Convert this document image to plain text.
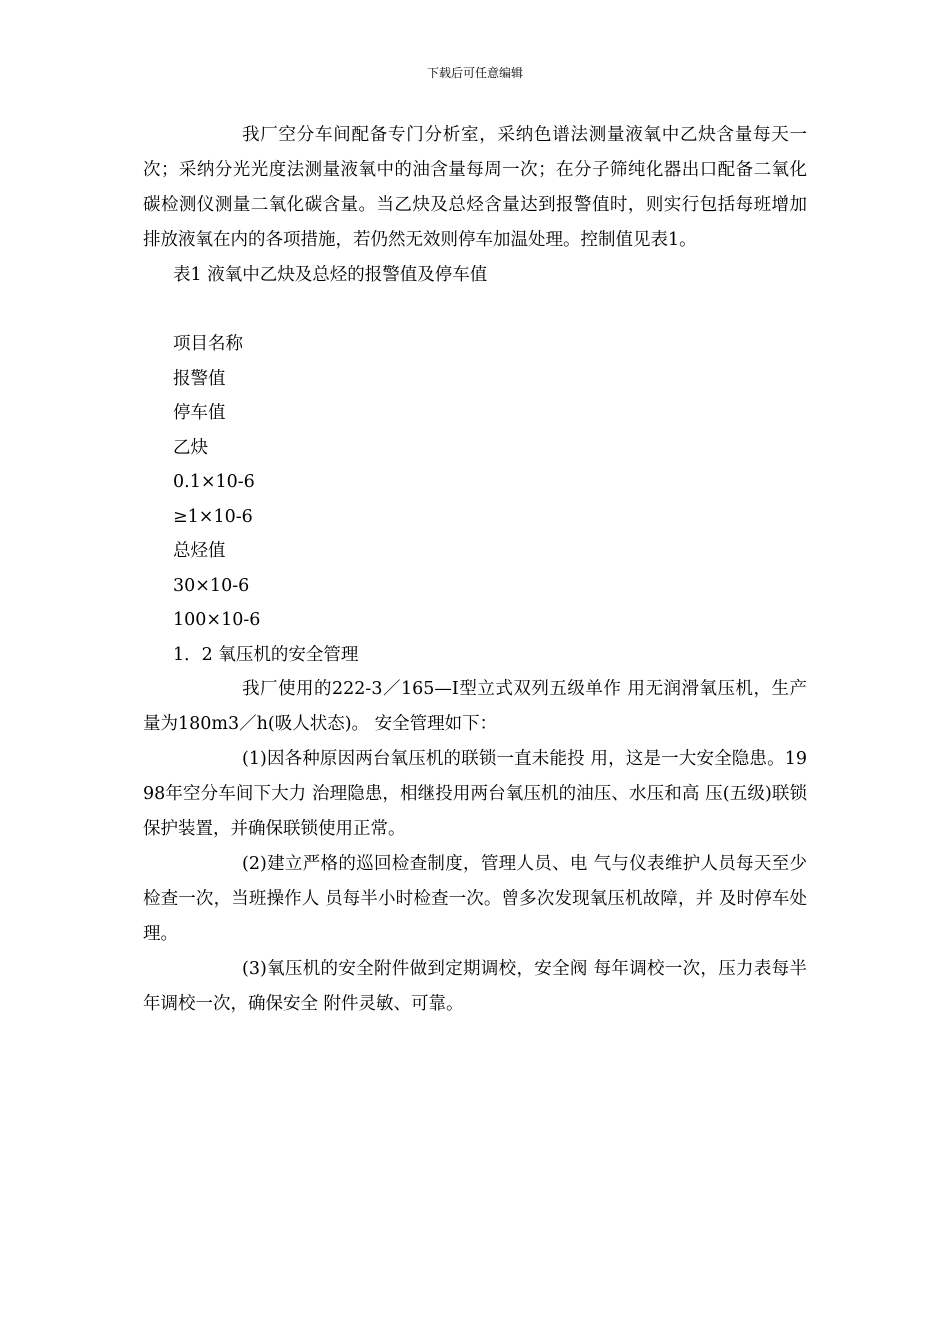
下载后可任意编辑

我厂空分车间配备专门分析室，采纳色谱法测量液氧中乙炔含量每天一次；采纳分光光度法测量液氧中的油含量每周一次；在分子筛纯化器出口配备二氧化碳检测仪测量二氧化碳含量。当乙炔及总烃含量达到报警值时，则实行包括每班增加排放液氧在内的各项措施，若仍然无效则停车加温处理。控制值见表1。

表1 液氧中乙炔及总烃的报警值及停车值

项目名称

报警值

停车值

乙炔

0.1×10-6

≥1×10-6

总烃值

30×10-6

100×10-6

1．2 氧压机的安全管理

我厂使用的222-3／165—I型立式双列五级单作 用无润滑氧压机，生产量为180m3／h(吸人状态)。 安全管理如下：

(1)因各种原因两台氧压机的联锁一直未能投 用，这是一大安全隐患。1998年空分车间下大力 治理隐患，相继投用两台氧压机的油压、水压和高 压(五级)联锁保护装置，并确保联锁使用正常。

(2)建立严格的巡回检查制度，管理人员、电 气与仪表维护人员每天至少检查一次，当班操作人 员每半小时检查一次。曾多次发现氧压机故障，并 及时停车处理。

(3)氧压机的安全附件做到定期调校，安全阀 每年调校一次，压力表每半年调校一次，确保安全 附件灵敏、可靠。
